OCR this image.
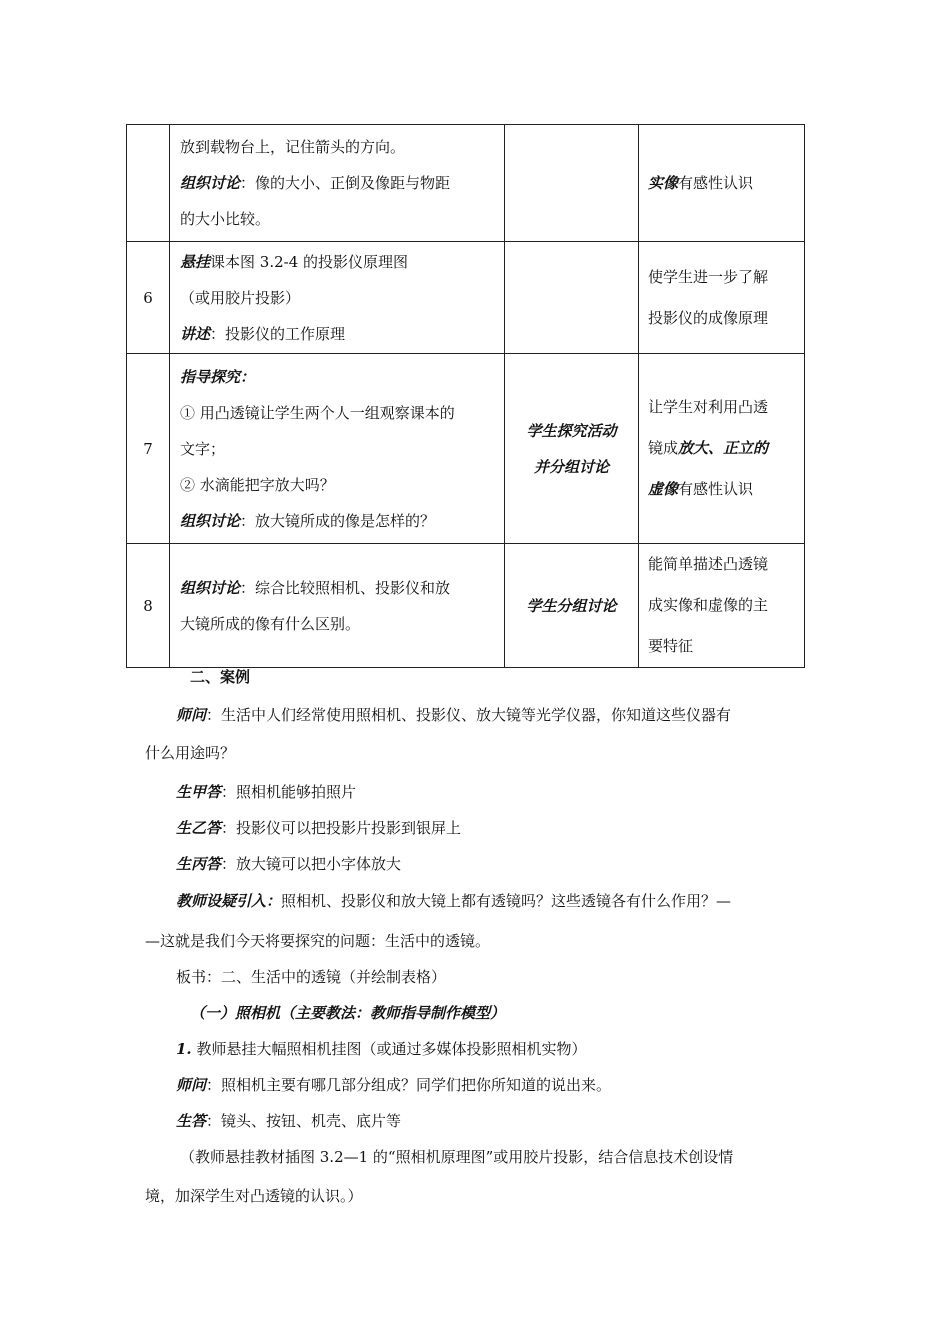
	放到载物台上，记住箭头的方向。
组织讨论：像的大小、正倒及像距与物距
的大小比较。		实像有感性认识

6	悬挂课本图 3.2-4 的投影仪原理图
（或用胶片投影）
讲述：投影仪的工作原理		使学生进一步了解
投影仪的成像原理

7	指导探究：
① 用凸透镜让学生两个人一组观察课本的
文字；
② 水滴能把字放大吗？
组织讨论：放大镜所成的像是怎样的？	学生探究活动
并分组讨论	让学生对利用凸透
镜成放大、正立的
虚像有感性认识

8	组织讨论：综合比较照相机、投影仪和放
大镜所成的像有什么区别。	学生分组讨论	能简单描述凸透镜
成实像和虚像的主
要特征
二、案例
师问：生活中人们经常使用照相机、投影仪、放大镜等光学仪器，你知道这些仪器有
什么用途吗？
生甲答：照相机能够拍照片
生乙答：投影仪可以把投影片投影到银屏上
生丙答：放大镜可以把小字体放大
教师设疑引入：照相机、投影仪和放大镜上都有透镜吗？这些透镜各有什么作用？—
—这就是我们今天将要探究的问题：生活中的透镜。
板书：二、生活中的透镜（并绘制表格）
（一）照相机（主要教法：教师指导制作模型）
1. 教师悬挂大幅照相机挂图（或通过多媒体投影照相机实物）
师问：照相机主要有哪几部分组成？同学们把你所知道的说出来。
生答：镜头、按钮、机壳、底片等
（教师悬挂教材插图 3.2—1 的“照相机原理图”或用胶片投影，结合信息技术创设情
境，加深学生对凸透镜的认识。）
